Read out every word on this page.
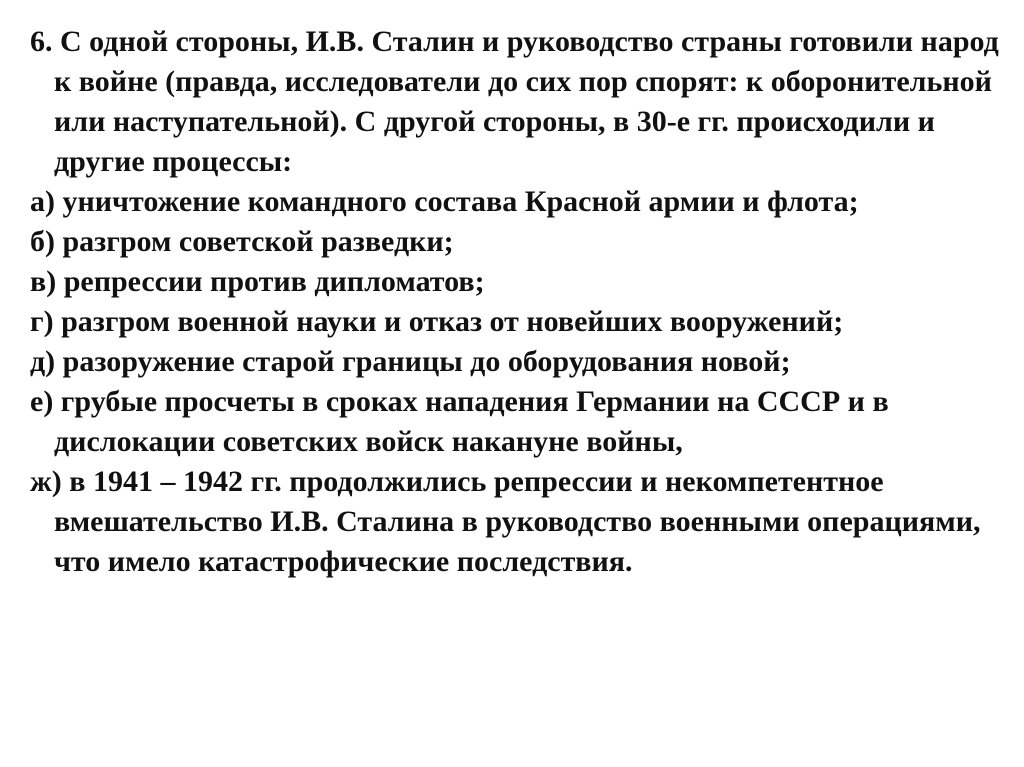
6. С одной стороны, И.В. Сталин и руководство страны готовили народ к войне (правда, исследователи до сих пор спорят: к оборонительной или наступательной). С другой стороны, в 30-е гг. происходили и другие процессы:

а) уничтожение командного состава Красной армии и флота;

б) разгром советской разведки;

в) репрессии против дипломатов;

г) разгром военной науки и отказ от новейших вооружений;

д) разоружение старой границы до оборудования новой;

е) грубые просчеты в сроках нападения Германии на СССР и в дислокации советских войск накануне войны,

ж) в 1941 – 1942 гг. продолжились репрессии и некомпетентное вмешательство И.В. Сталина в руководство военными операциями, что имело катастрофические последствия.
